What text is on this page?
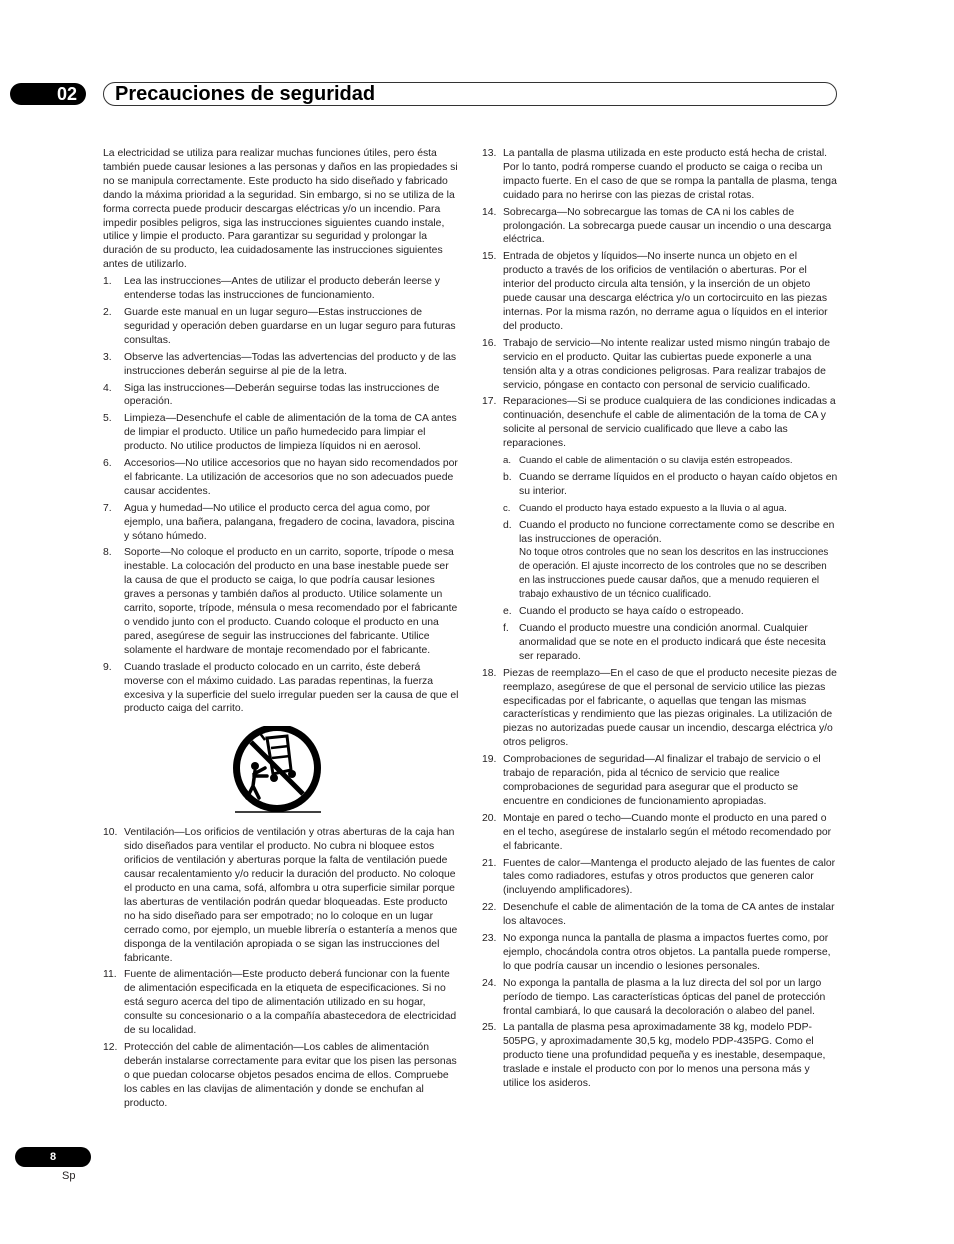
02	Precauciones de seguridad

La electricidad se utiliza para realizar muchas funciones útiles, pero ésta también puede causar lesiones a las personas y daños en las propiedades si no se manipula correctamente. Este producto ha sido diseñado y fabricado dando la máxima prioridad a la seguridad. Sin embargo, si no se utiliza de la forma correcta puede producir descargas eléctricas y/o un incendio. Para impedir posibles peligros, siga las instrucciones siguientes cuando instale, utilice y limpie el producto. Para garantizar su seguridad y prolongar la duración de su producto, lea cuidadosamente las instrucciones siguientes antes de utilizarlo.

1. Lea las instrucciones—Antes de utilizar el producto deberán leerse y entenderse todas las instrucciones de funcionamiento.
2. Guarde este manual en un lugar seguro—Estas instrucciones de seguridad y operación deben guardarse en un lugar seguro para futuras consultas.
3. Observe las advertencias—Todas las advertencias del producto y de las instrucciones deberán seguirse al pie de la letra.
4. Siga las instrucciones—Deberán seguirse todas las instrucciones de operación.
5. Limpieza—Desenchufe el cable de alimentación de la toma de CA antes de limpiar el producto. Utilice un paño humedecido para limpiar el producto. No utilice productos de limpieza líquidos ni en aerosol.
6. Accesorios—No utilice accesorios que no hayan sido recomendados por el fabricante. La utilización de accesorios que no son adecuados puede causar accidentes.
7. Agua y humedad—No utilice el producto cerca del agua como, por ejemplo, una bañera, palangana, fregadero de cocina, lavadora, piscina y sótano húmedo.
8. Soporte—No coloque el producto en un carrito, soporte, trípode o mesa inestable. La colocación del producto en una base inestable puede ser la causa de que el producto se caiga, lo que podría causar lesiones graves a personas y también daños al producto. Utilice solamente un carrito, soporte, trípode, ménsula o mesa recomendado por el fabricante o vendido junto con el producto. Cuando coloque el producto en una pared, asegúrese de seguir las instrucciones del fabricante. Utilice solamente el hardware de montaje recomendado por el fabricante.
9. Cuando traslade el producto colocado en un carrito, éste deberá moverse con el máximo cuidado. Las paradas repentinas, la fuerza excesiva y la superficie del suelo irregular pueden ser la causa de que el producto caiga del carrito.
10. Ventilación—Los orificios de ventilación y otras aberturas de la caja han sido diseñados para ventilar el producto. No cubra ni bloquee estos orificios de ventilación y aberturas porque la falta de ventilación puede causar recalentamiento y/o reducir la duración del producto. No coloque el producto en una cama, sofá, alfombra u otra superficie similar porque las aberturas de ventilación podrán quedar bloqueadas. Este producto no ha sido diseñado para ser empotrado; no lo coloque en un lugar cerrado como, por ejemplo, un mueble librería o estantería a menos que disponga de la ventilación apropiada o se sigan las instrucciones del fabricante.
11. Fuente de alimentación—Este producto deberá funcionar con la fuente de alimentación especificada en la etiqueta de especificaciones. Si no está seguro acerca del tipo de alimentación utilizado en su hogar, consulte su concesionario o a la compañía abastecedora de electricidad de su localidad.
12. Protección del cable de alimentación—Los cables de alimentación deberán instalarse correctamente para evitar que los pisen las personas o que puedan colocarse objetos pesados encima de ellos. Compruebe los cables en las clavijas de alimentación y donde se enchufan al producto.
13. La pantalla de plasma utilizada en este producto está hecha de cristal. Por lo tanto, podrá romperse cuando el producto se caiga o reciba un impacto fuerte. En el caso de que se rompa la pantalla de plasma, tenga cuidado para no herirse con las piezas de cristal rotas.
14. Sobrecarga—No sobrecargue las tomas de CA ni los cables de prolongación. La sobrecarga puede causar un incendio o una descarga eléctrica.
15. Entrada de objetos y líquidos—No inserte nunca un objeto en el producto a través de los orificios de ventilación o aberturas. Por el interior del producto circula alta tensión, y la inserción de un objeto puede causar una descarga eléctrica y/o un cortocircuito en las piezas internas. Por la misma razón, no derrame agua o líquidos en el interior del producto.
16. Trabajo de servicio—No intente realizar usted mismo ningún trabajo de servicio en el producto. Quitar las cubiertas puede exponerle a una tensión alta y a otras condiciones peligrosas. Para realizar trabajos de servicio, póngase en contacto con personal de servicio cualificado.
17. Reparaciones—Si se produce cualquiera de las condiciones indicadas a continuación, desenchufe el cable de alimentación de la toma de CA y solicite al personal de servicio cualificado que lleve a cabo las reparaciones.
a. Cuando el cable de alimentación o su clavija estén estropeados.
b. Cuando se derrame líquidos en el producto o hayan caído objetos en su interior.
c. Cuando el producto haya estado expuesto a la lluvia o al agua.
d. Cuando el producto no funcione correctamente como se describe en las instrucciones de operación.

No toque otros controles que no sean los descritos en las instrucciones de operación. El ajuste incorrecto de los controles que no se describen en las instrucciones puede causar daños, que a menudo requieren el trabajo exhaustivo de un técnico cualificado.

e. Cuando el producto se haya caído o estropeado.
f. Cuando el producto muestre una condición anormal. Cualquier anormalidad que se note en el producto indicará que éste necesita ser reparado.
18. Piezas de reemplazo—En el caso de que el producto necesite piezas de reemplazo, asegúrese de que el personal de servicio utilice las piezas especificadas por el fabricante, o aquellas que tengan las mismas características y rendimiento que las piezas originales. La utilización de piezas no autorizadas puede causar un incendio, descarga eléctrica y/o otros peligros.
19. Comprobaciones de seguridad—Al finalizar el trabajo de servicio o el trabajo de reparación, pida al técnico de servicio que realice comprobaciones de seguridad para asegurar que el producto se encuentre en condiciones de funcionamiento apropiadas.
20. Montaje en pared o techo—Cuando monte el producto en una pared o en el techo, asegúrese de instalarlo según el método recomendado por el fabricante.
21. Fuentes de calor—Mantenga el producto alejado de las fuentes de calor tales como radiadores, estufas y otros productos que generen calor (incluyendo amplificadores).
22. Desenchufe el cable de alimentación de la toma de CA antes de instalar los altavoces.
23. No exponga nunca la pantalla de plasma a impactos fuertes como, por ejemplo, chocándola contra otros objetos. La pantalla puede romperse, lo que podría causar un incendio o lesiones personales.
24. No exponga la pantalla de plasma a la luz directa del sol por un largo período de tiempo. Las características ópticas del panel de protección frontal cambiará, lo que causará la decoloración o alabeo del panel.
25. La pantalla de plasma pesa aproximadamente 38 kg, modelo PDP-505PG, y aproximadamente 30,5 kg, modelo PDP-435PG. Como el producto tiene una profundidad pequeña y es inestable, desempaque, traslade e instale el producto con por lo menos una persona más y utilice los asideros.
8
Sp
